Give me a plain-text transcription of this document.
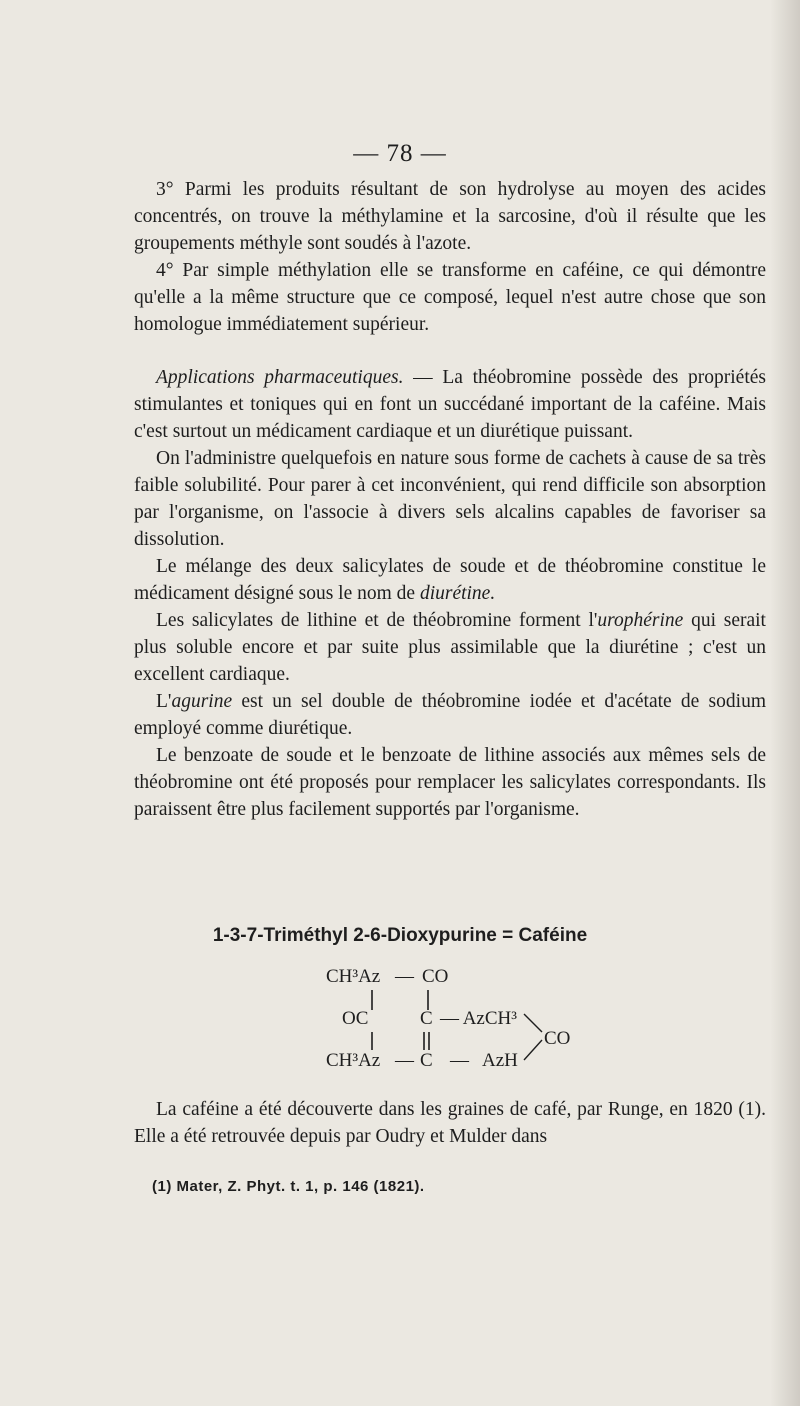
— 78 —

3° Parmi les produits résultant de son hydrolyse au moyen des acides concentrés, on trouve la méthylamine et la sarcosine, d'où il résulte que les groupements méthyle sont soudés à l'azote.

4° Par simple méthylation elle se transforme en caféine, ce qui démontre qu'elle a la même structure que ce composé, lequel n'est autre chose que son homologue immédiatement supérieur.

Applications pharmaceutiques. — La théobromine possède des propriétés stimulantes et toniques qui en font un succédané important de la caféine. Mais c'est surtout un médicament cardiaque et un diurétique puissant.

On l'administre quelquefois en nature sous forme de cachets à cause de sa très faible solubilité. Pour parer à cet inconvénient, qui rend difficile son absorption par l'organisme, on l'associe à divers sels alcalins capables de favoriser sa dissolution.

Le mélange des deux salicylates de soude et de théobromine constitue le médicament désigné sous le nom de diurétine.

Les salicylates de lithine et de théobromine forment l'urophérine qui serait plus soluble encore et par suite plus assimilable que la diurétine ; c'est un excellent cardiaque.

L'agurine est un sel double de théobromine iodée et d'acétate de sodium employé comme diurétique.

Le benzoate de soude et le benzoate de lithine associés aux mêmes sels de théobromine ont été proposés pour remplacer les salicylates correspondants. Ils paraissent être plus facilement supportés par l'organisme.

1-3-7-Triméthyl 2-6-Dioxypurine = Caféine
CH³Az — CO
OC	C — AzCH³
CO
CH³Az — C — AzH

La caféine a été découverte dans les graines de café, par Runge, en 1820 (1). Elle a été retrouvée depuis par Oudry et Mulder dans

(1) Mater, Z. Phyt. t. 1, p. 146 (1821).
